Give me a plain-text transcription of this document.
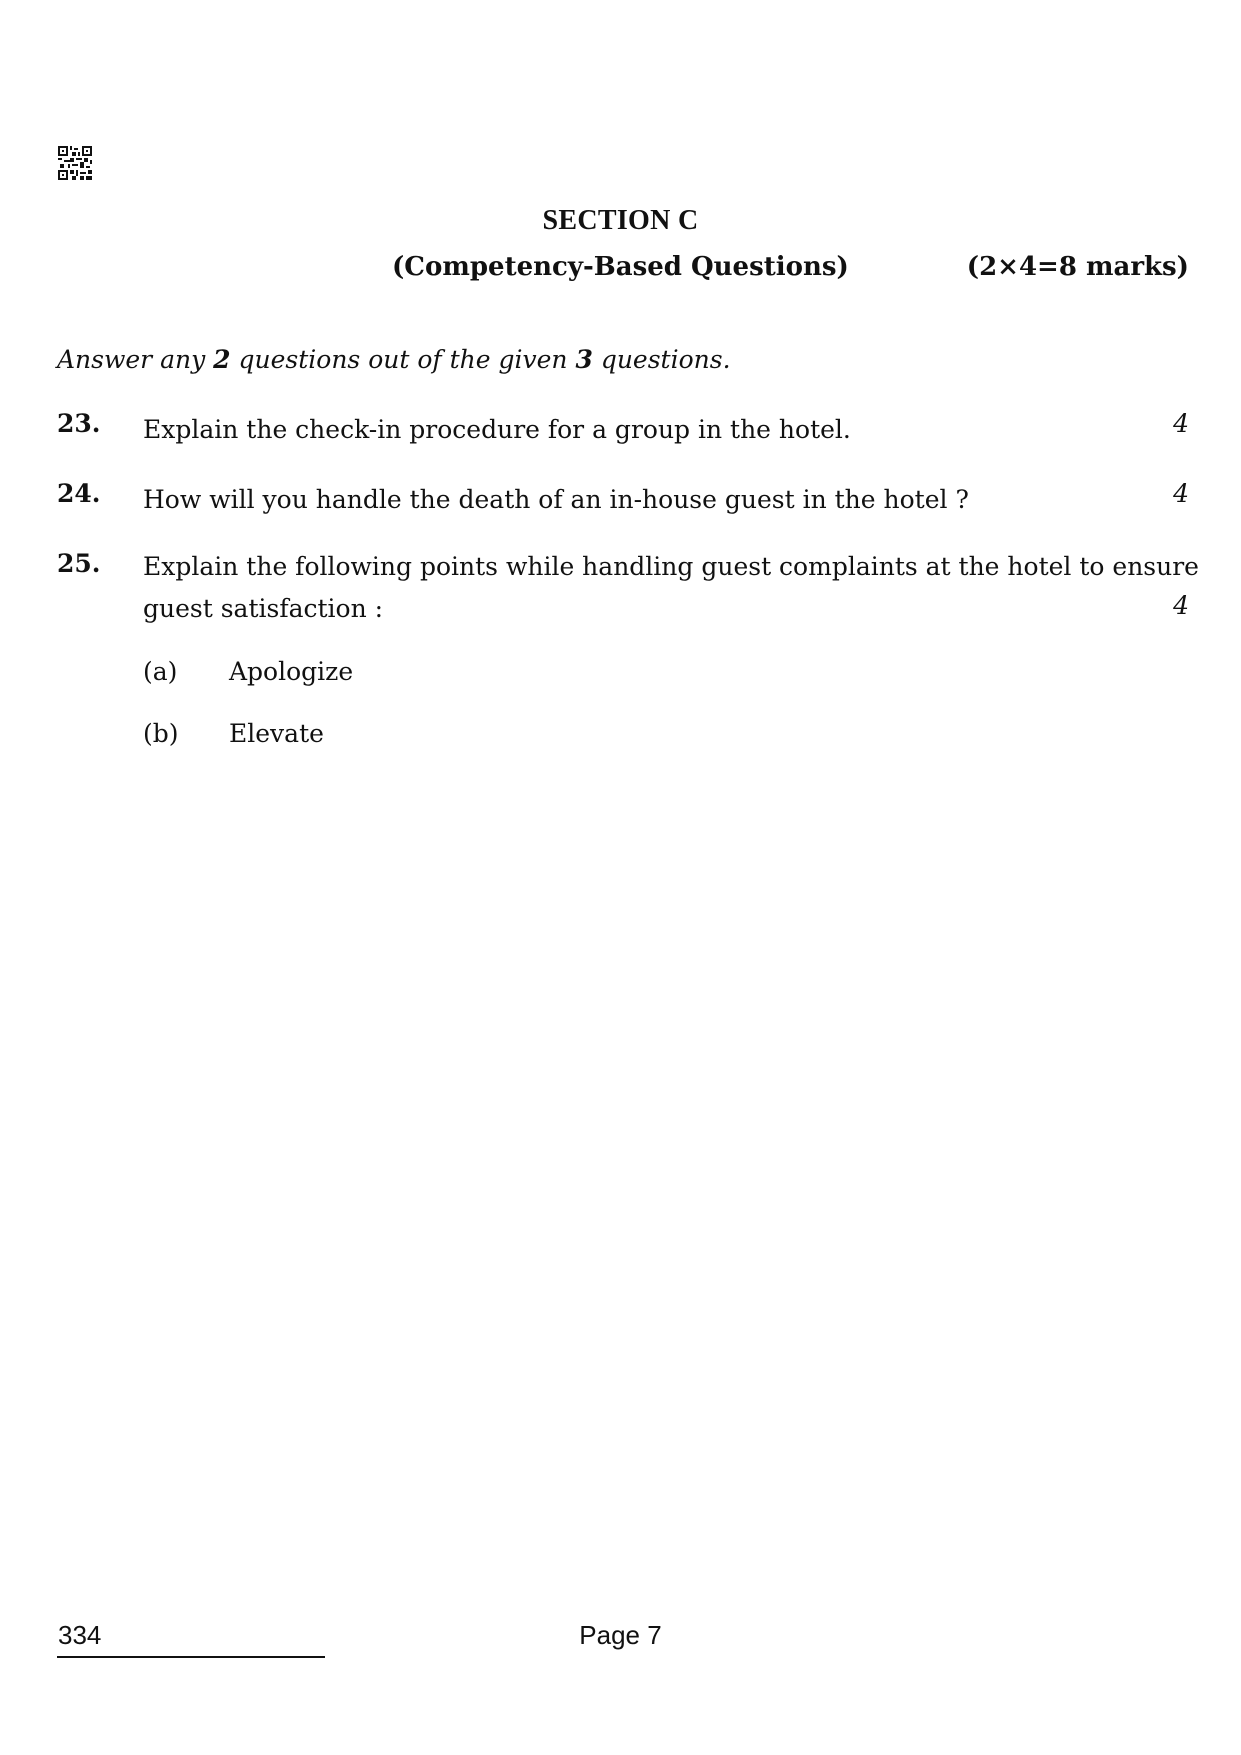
SECTION C
(Competency-Based Questions)	(2×4=8 marks)
Answer any 2 questions out of the given 3 questions.
23. Explain the check-in procedure for a group in the hotel.	4
24. How will you handle the death of an in-house guest in the hotel ?	4
25. Explain the following points while handling guest complaints at the hotel to ensure guest satisfaction :	4
(a) Apologize
(b) Elevate
334	Page 7
